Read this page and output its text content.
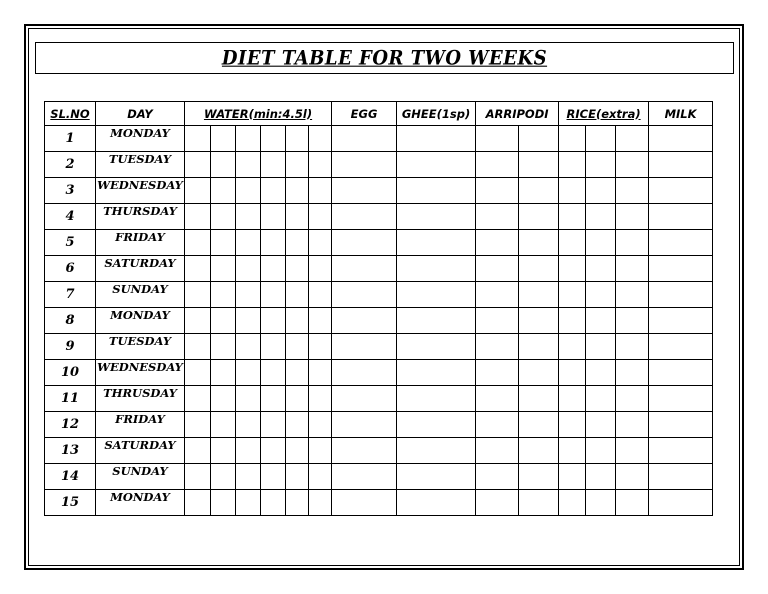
DIET TABLE FOR TWO WEEKS
SL.NO	DAY	WATER(min:4.5l)						EGG	GHEE(1sp)	ARRIPODI		RICE(extra)			MILK
1	MONDAY														
2	TUESDAY														
3	WEDNESDAY														
4	THURSDAY														
5	FRIDAY														
6	SATURDAY														
7	SUNDAY														
8	MONDAY														
9	TUESDAY														
10	WEDNESDAY														
11	THRUSDAY														
12	FRIDAY														
13	SATURDAY														
14	SUNDAY														
15	MONDAY														
